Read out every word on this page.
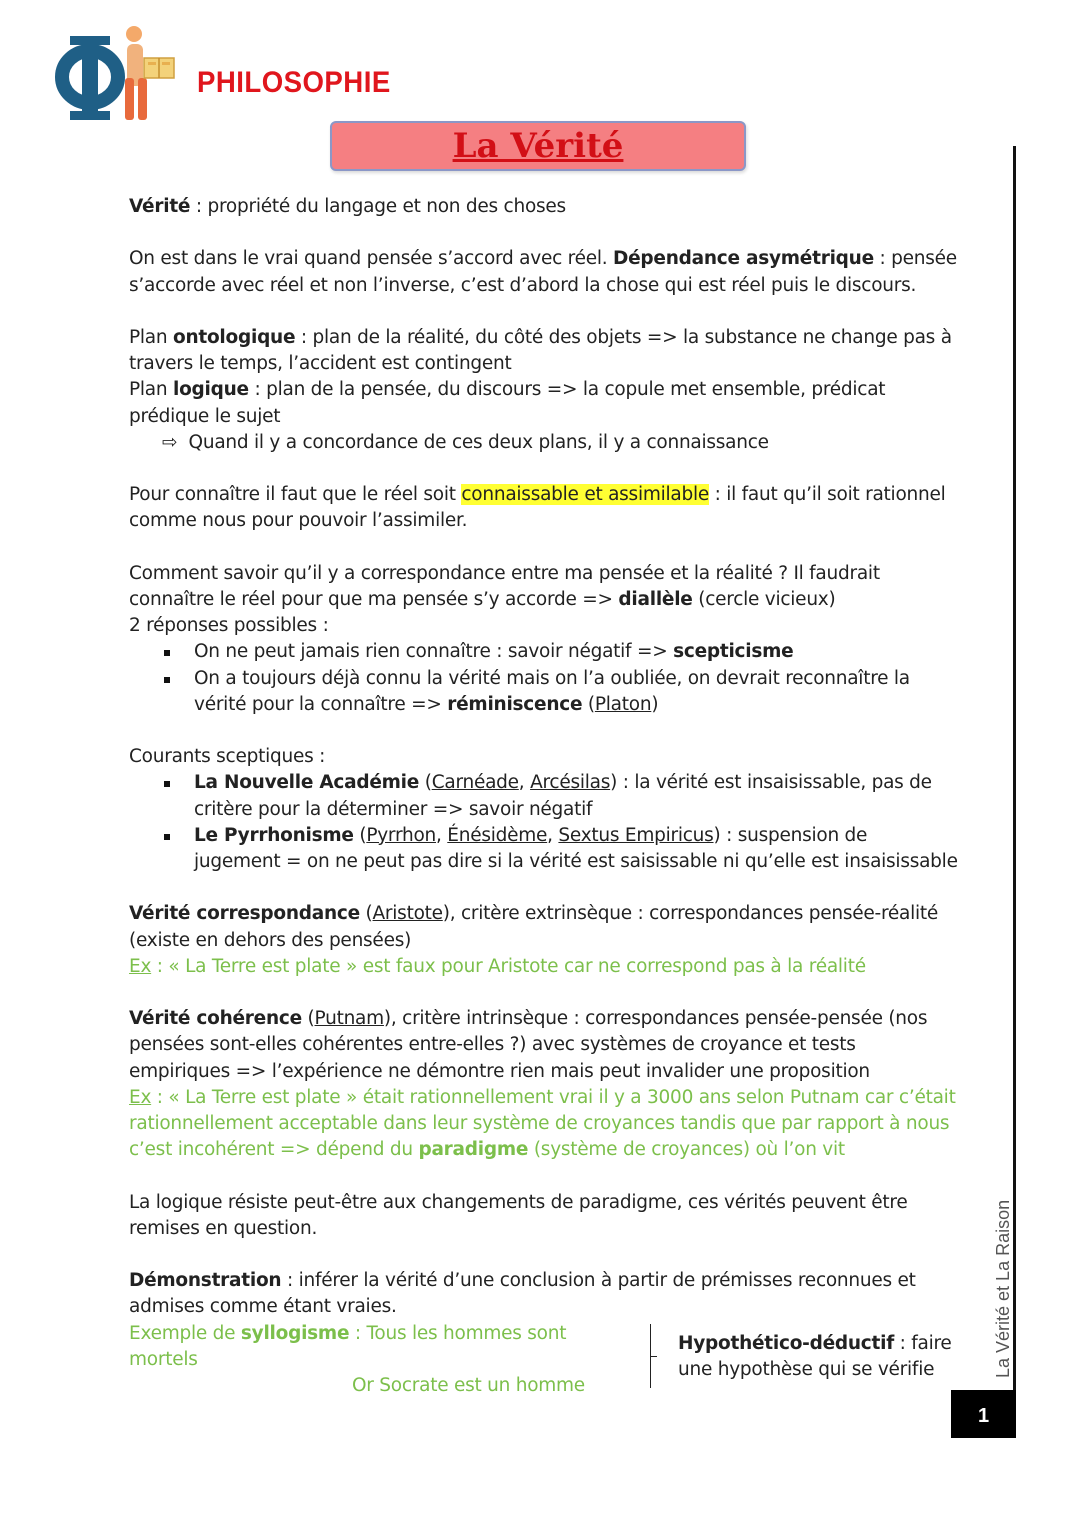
PHILOSOPHIE
La Vérité
La Vérité et La Raison
1

Vérité : propriété du langage et non des choses

On est dans le vrai quand pensée s’accord avec réel. Dépendance asymétrique : pensée s’accorde avec réel et non l’inverse, c’est d’abord la chose qui est réel puis le discours.

Plan ontologique : plan de la réalité, du côté des objets => la substance ne change pas à travers le temps, l’accident est contingent
Plan logique : plan de la pensée, du discours => la copule met ensemble, prédicat prédique le sujet
⇨ Quand il y a concordance de ces deux plans, il y a connaissance

Pour connaître il faut que le réel soit connaissable et assimilable : il faut qu’il soit rationnel comme nous pour pouvoir l’assimiler.

Comment savoir qu’il y a correspondance entre ma pensée et la réalité ? Il faudrait connaître le réel pour que ma pensée s’y accorde => diallèle (cercle vicieux)
2 réponses possibles :
On ne peut jamais rien connaître : savoir négatif => scepticisme
On a toujours déjà connu la vérité mais on l’a oubliée, on devrait reconnaître la vérité pour la connaître => réminiscence (Platon)
Courants sceptiques :
La Nouvelle Académie (Carnéade, Arcésilas) : la vérité est insaisissable, pas de critère pour la déterminer => savoir négatif
Le Pyrrhonisme (Pyrrhon, Énésidème, Sextus Empiricus) : suspension de jugement = on ne peut pas dire si la vérité est saisissable ni qu’elle est insaisissable

Vérité correspondance (Aristote), critère extrinsèque : correspondances pensée-réalité (existe en dehors des pensées)
Ex : « La Terre est plate » est faux pour Aristote car ne correspond pas à la réalité

Vérité cohérence (Putnam), critère intrinsèque : correspondances pensée-pensée (nos pensées sont-elles cohérentes entre-elles ?) avec systèmes de croyance et tests empiriques => l’expérience ne démontre rien mais peut invalider une proposition
Ex : « La Terre est plate » était rationnellement vrai il y a 3000 ans selon Putnam car c’était rationnellement acceptable dans leur système de croyances tandis que par rapport à nous c’est incohérent => dépend du paradigme (système de croyances) où l’on vit

La logique résiste peut-être aux changements de paradigme, ces vérités peuvent être remises en question.

Démonstration : inférer la vérité d’une conclusion à partir de prémisses reconnues et admises comme étant vraies.
Exemple de syllogisme : Tous les hommes sont mortels
Or Socrate est un homme
Hypothético-déductif : faire une hypothèse qui se vérifie
